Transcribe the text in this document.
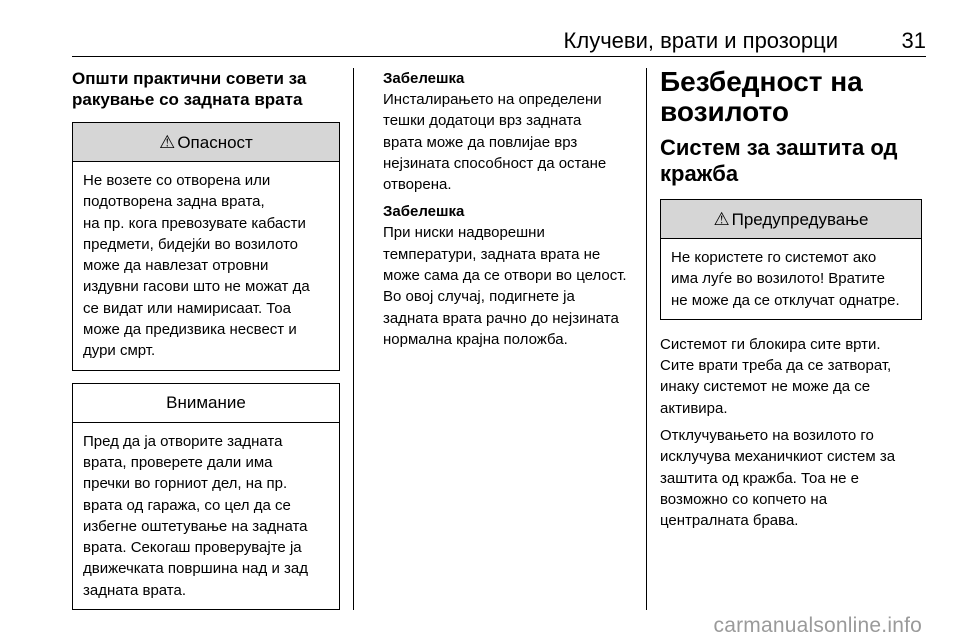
Клучеви, врати и прозорци	31
Општи практични совети за
ракување со задната врата
⚠ Опасност
Не возете со отворена или
подотворена задна врата,
на пр. кога превозувате кабасти
предмети, бидејќи во возилото
може да навлезат отровни
издувни гасови што не можат да
се видат или намирисаат. Тоа
може да предизвика несвест и
дури смрт.
Внимание
Пред да ја отворите задната
врата, проверете дали има
пречки во горниот дел, на пр.
врата од гаража, со цел да се
избегне оштетување на задната
врата. Секогаш проверувајте ја
движечката површина над и зад
задната врата.
Забелешка
Инсталирањето на определени
тешки додатоци врз задната
врата може да повлијае врз
нејзината способност да остане
отворена.
Забелешка
При ниски надворешни
температури, задната врата не
може сама да се отвори во целост.
Во овој случај, подигнете ја
задната врата рачно до нејзината
нормална крајна положба.
Безбедност на
возилото
Систем за заштита од
кражба
⚠ Предупредување
Не користете го системот ако
има луѓе во возилото! Вратите
не може да се отклучат однатре.
Системот ги блокира сите врти.
Сите врати треба да се затворат,
инаку системот не може да се
активира.
Отклучувањето на возилото го
исклучува механичкиот систем за
заштита од кражба. Тоа не е
возможно со копчето на
централната брава.
carmanualsonline.info
